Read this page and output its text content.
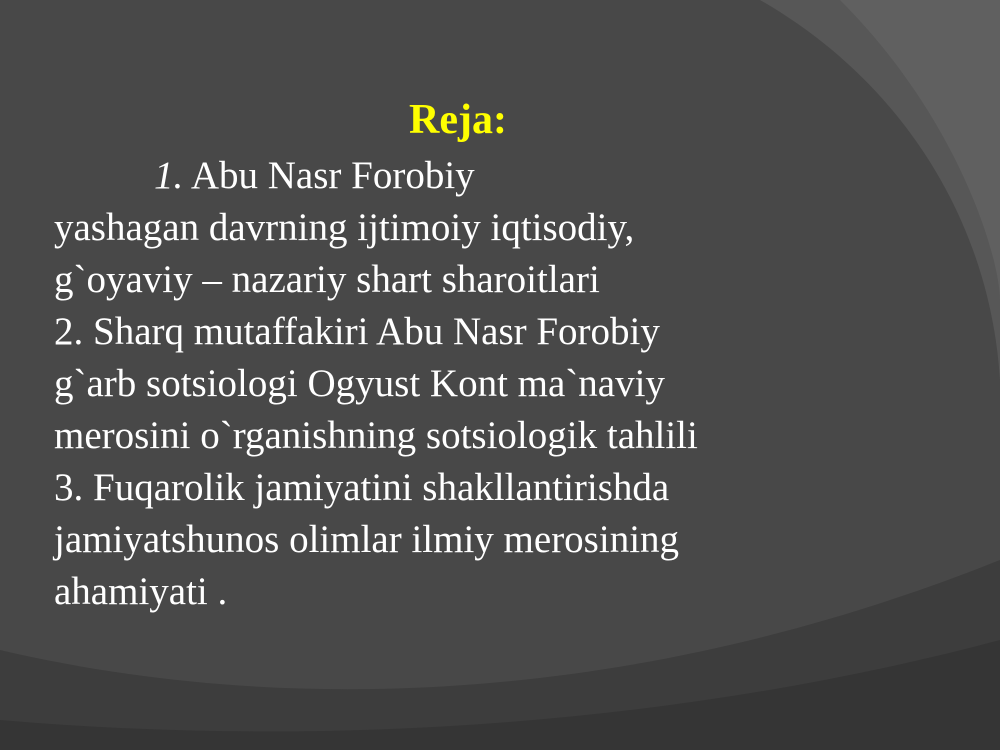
Reja:
1. Abu Nasr Forobiy
yashagan davrning ijtimoiy iqtisodiy,
g`oyaviy – nazariy shart sharoitlari
2. Sharq mutaffakiri Abu Nasr Forobiy
g`arb sotsiologi Ogyust Kont ma`naviy
merosini o`rganishning sotsiologik tahlili
3. Fuqarolik jamiyatini shakllantirishda
jamiyatshunos olimlar ilmiy merosining
ahamiyati .
